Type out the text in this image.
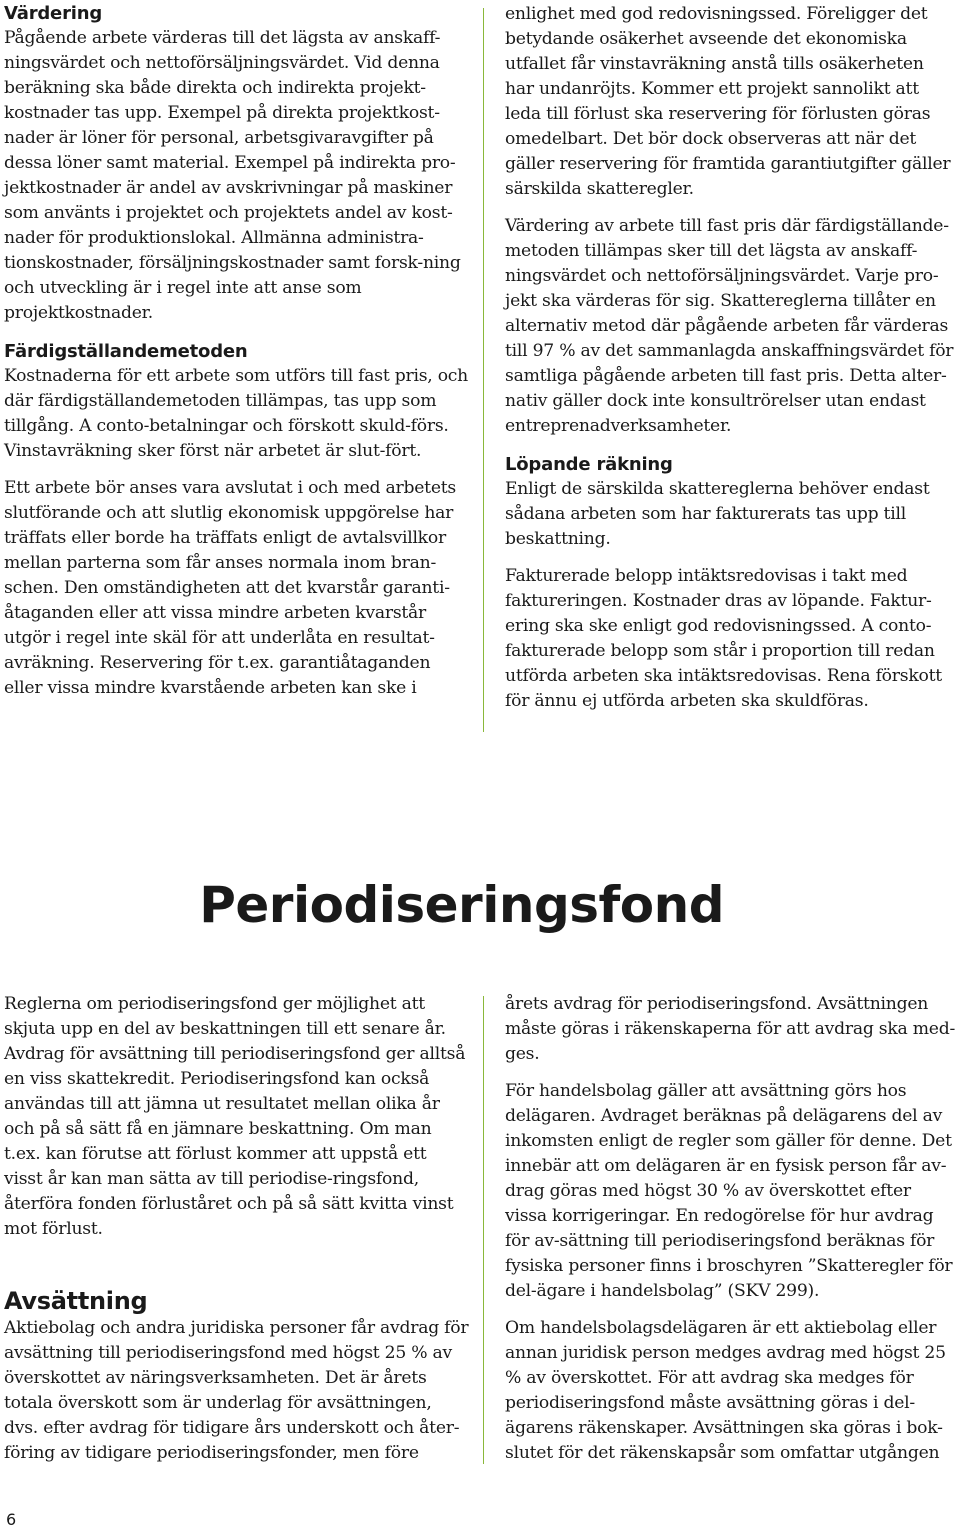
Värdering

Pågående arbete värderas till det lägsta av anskaff-ningsvärdet och nettoförsäljningsvärdet. Vid denna beräkning ska både direkta och indirekta projekt-kostnader tas upp. Exempel på direkta projektkost-nader är löner för personal, arbetsgivaravgifter på dessa löner samt material. Exempel på indirekta pro-jektkostnader är andel av avskrivningar på maskiner som använts i projektet och projektets andel av kost-nader för produktionslokal. Allmänna administra-tionskostnader, försäljningskostnader samt forsk-ning och utveckling är i regel inte att anse som projektkostnader.

Färdigställandemetoden

Kostnaderna för ett arbete som utförs till fast pris, och där färdigställandemetoden tillämpas, tas upp som tillgång. A conto-betalningar och förskott skuld-förs. Vinstavräkning sker först när arbetet är slut-fört.

Ett arbete bör anses vara avslutat i och med arbetets slutförande och att slutlig ekonomisk uppgörelse har träffats eller borde ha träffats enligt de avtalsvillkor mellan parterna som får anses normala inom bran-schen. Den omständigheten att det kvarstår garanti-åtaganden eller att vissa mindre arbeten kvarstår utgör i regel inte skäl för att underlåta en resultat-avräkning. Reservering för t.ex. garantiåtaganden eller vissa mindre kvarstående arbeten kan ske i

enlighet med god redovisningssed. Föreligger det betydande osäkerhet avseende det ekonomiska utfallet får vinstavräkning anstå tills osäkerheten har undanröjts. Kommer ett projekt sannolikt att leda till förlust ska reservering för förlusten göras omedelbart. Det bör dock observeras att när det gäller reservering för framtida garantiutgifter gäller särskilda skatteregler.

Värdering av arbete till fast pris där färdigställande-metoden tillämpas sker till det lägsta av anskaff-ningsvärdet och nettoförsäljningsvärdet. Varje pro-jekt ska värderas för sig. Skattereglerna tillåter en alternativ metod där pågående arbeten får värderas till 97 % av det sammanlagda anskaffningsvärdet för samtliga pågående arbeten till fast pris. Detta alter-nativ gäller dock inte konsultrörelser utan endast entreprenadverksamheter.

Löpande räkning

Enligt de särskilda skattereglerna behöver endast sådana arbeten som har fakturerats tas upp till beskattning.

Fakturerade belopp intäktsredovisas i takt med faktureringen. Kostnader dras av löpande. Faktur-ering ska ske enligt god redovisningssed. A conto-fakturerade belopp som står i proportion till redan utförda arbeten ska intäktsredovisas. Rena förskott för ännu ej utförda arbeten ska skuldföras.

Periodiseringsfond

Reglerna om periodiseringsfond ger möjlighet att skjuta upp en del av beskattningen till ett senare år. Avdrag för avsättning till periodiseringsfond ger alltså en viss skattekredit. Periodiseringsfond kan också användas till att jämna ut resultatet mellan olika år och på så sätt få en jämnare beskattning. Om man t.ex. kan förutse att förlust kommer att uppstå ett visst år kan man sätta av till periodise-ringsfond, återföra fonden förluståret och på så sätt kvitta vinst mot förlust.

Avsättning

Aktiebolag och andra juridiska personer får avdrag för avsättning till periodiseringsfond med högst 25 % av överskottet av näringsverksamheten. Det är årets totala överskott som är underlag för avsättningen, dvs. efter avdrag för tidigare års underskott och åter-föring av tidigare periodiseringsfonder, men före

årets avdrag för periodiseringsfond. Avsättningen måste göras i räkenskaperna för att avdrag ska med-ges.

För handelsbolag gäller att avsättning görs hos delägaren. Avdraget beräknas på delägarens del av inkomsten enligt de regler som gäller för denne. Det innebär att om delägaren är en fysisk person får av-drag göras med högst 30 % av överskottet efter vissa korrigeringar. En redogörelse för hur avdrag för av-sättning till periodiseringsfond beräknas för fysiska personer finns i broschyren ”Skatteregler för del-ägare i handelsbolag” (SKV 299).

Om handelsbolagsdelägaren är ett aktiebolag eller annan juridisk person medges avdrag med högst 25 % av överskottet. För att avdrag ska medges för periodiseringsfond måste avsättning göras i del-ägarens räkenskaper. Avsättningen ska göras i bok-slutet för det räkenskapsår som omfattar utgången

6
